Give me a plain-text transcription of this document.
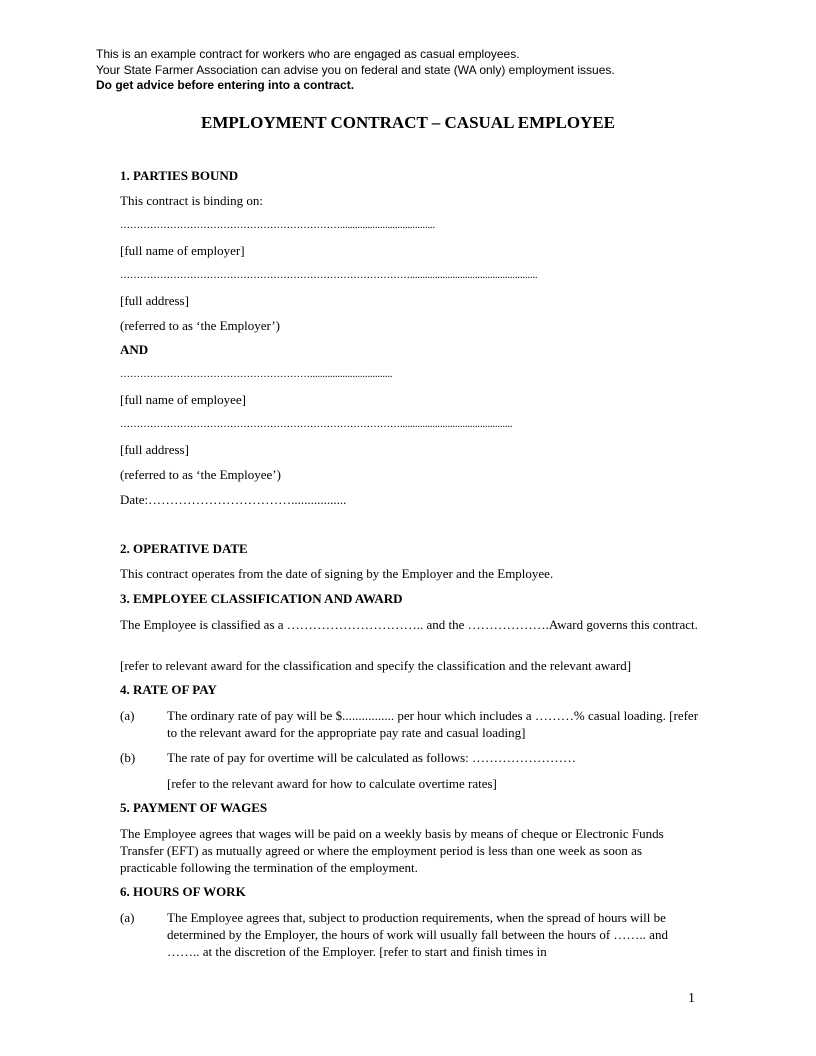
This is an example contract for workers who are engaged as casual employees.
Your State Farmer Association can advise you on federal and state (WA only) employment issues.
Do get advice before entering into a contract.
EMPLOYMENT CONTRACT – CASUAL EMPLOYEE
1. PARTIES BOUND
This contract is binding on:
…………………………………………………………......................................
[full name of employer]
……………………………………………………………………………...................................................
[full address]
(referred to as ‘the Employer’)
AND
………………………………………………….................................
[full name of employee]
………………………………………………………………………….............................................
[full address]
(referred to as ‘the Employee’)
Date:…………………………….................
2. OPERATIVE DATE
This contract operates from the date of signing by the Employer and the Employee.
3. EMPLOYEE CLASSIFICATION AND AWARD
The Employee is classified as a ………………………….. and the ……………….Award governs this contract.
[refer to relevant award for the classification and specify the classification and the relevant award]
4. RATE OF PAY
(a)	The ordinary rate of pay will be $................ per hour which includes a ………% casual loading. [refer to the relevant award for the appropriate pay rate and casual loading]
(b) The rate of pay for overtime will be calculated as follows: ……………………
[refer to the relevant award for how to calculate overtime rates]
5. PAYMENT OF WAGES
The Employee agrees that wages will be paid on a weekly basis by means of cheque or Electronic Funds Transfer (EFT) as mutually agreed or where the employment period is less than one week as soon as practicable following the termination of the employment.
6. HOURS OF WORK
(a)	The Employee agrees that, subject to production requirements, when the spread of hours will be determined by the Employer, the hours of work will usually fall between the hours of …….. and …….. at the discretion of the Employer. [refer to start and finish times in
1
